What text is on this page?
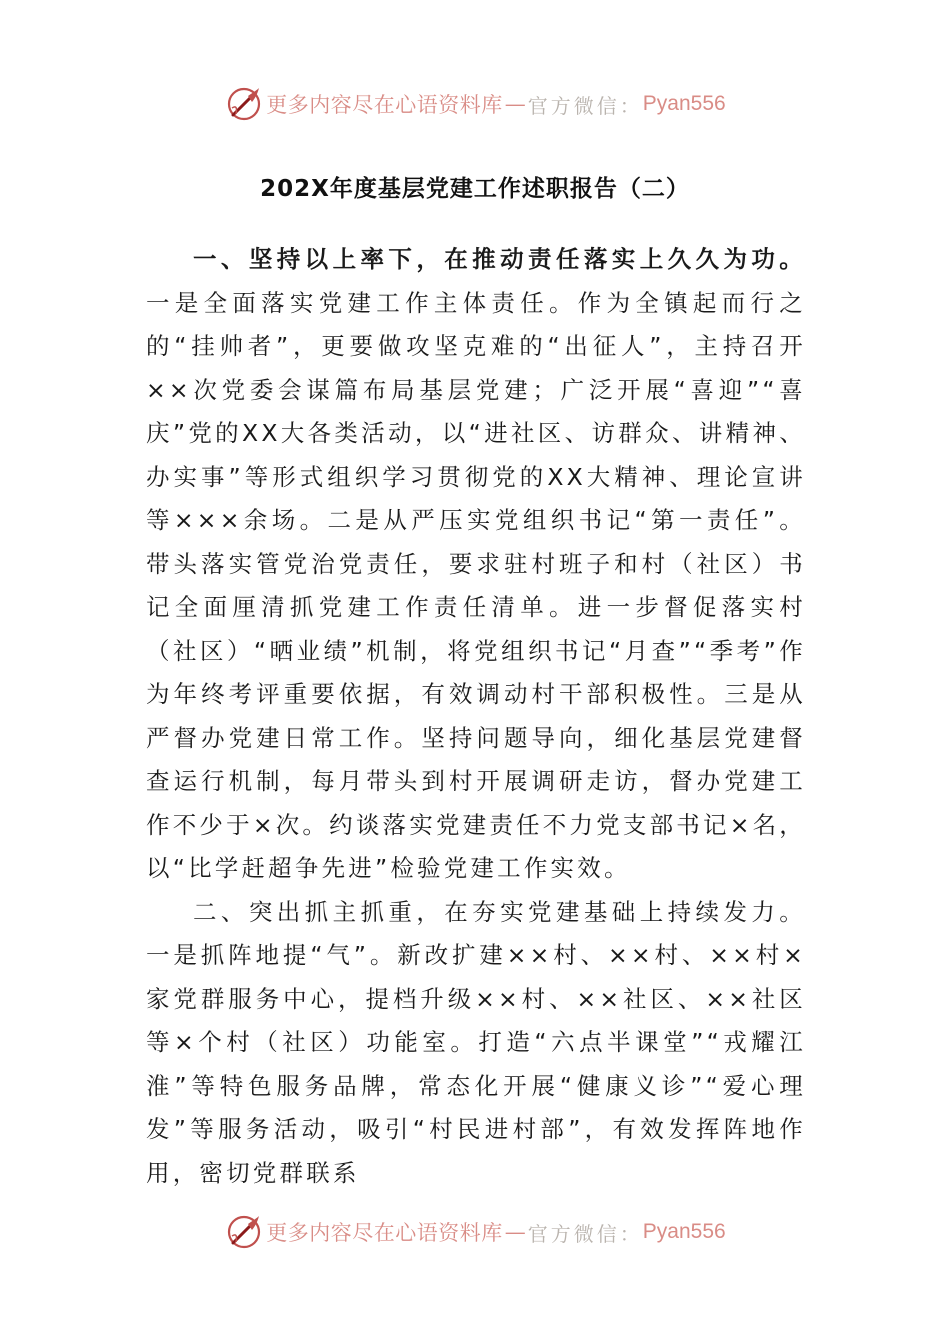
更多内容尽在心语资料库 — 官方微信： Pyan556
202X年度基层党建工作述职报告（二）

一、坚持以上率下，在推动责任落实上久久为功。一是全面落实党建工作主体责任。作为全镇起而行之的“挂帅者”，更要做攻坚克难的“出征人”，主持召开××次党委会谋篇布局基层党建；广泛开展“喜迎”“喜庆”党的XX大各类活动，以“进社区、访群众、讲精神、办实事”等形式组织学习贯彻党的XX大精神、理论宣讲等×××余场。二是从严压实党组织书记“第一责任”。带头落实管党治党责任，要求驻村班子和村（社区）书记全面厘清抓党建工作责任清单。进一步督促落实村（社区）“晒业绩”机制，将党组织书记“月查”“季考”作为年终考评重要依据，有效调动村干部积极性。三是从严督办党建日常工作。坚持问题导向，细化基层党建督查运行机制，每月带头到村开展调研走访，督办党建工作不少于×次。约谈落实党建责任不力党支部书记×名，以“比学赶超争先进”检验党建工作实效。

二、突出抓主抓重，在夯实党建基础上持续发力。一是抓阵地提“气”。新改扩建××村、××村、××村×家党群服务中心，提档升级××村、××社区、××社区等×个村（社区）功能室。打造“六点半课堂”“戎耀江淮”等特色服务品牌，常态化开展“健康义诊”“爱心理发”等服务活动，吸引“村民进村部”，有效发挥阵地作用，密切党群联系

更多内容尽在心语资料库 — 官方微信： Pyan556
